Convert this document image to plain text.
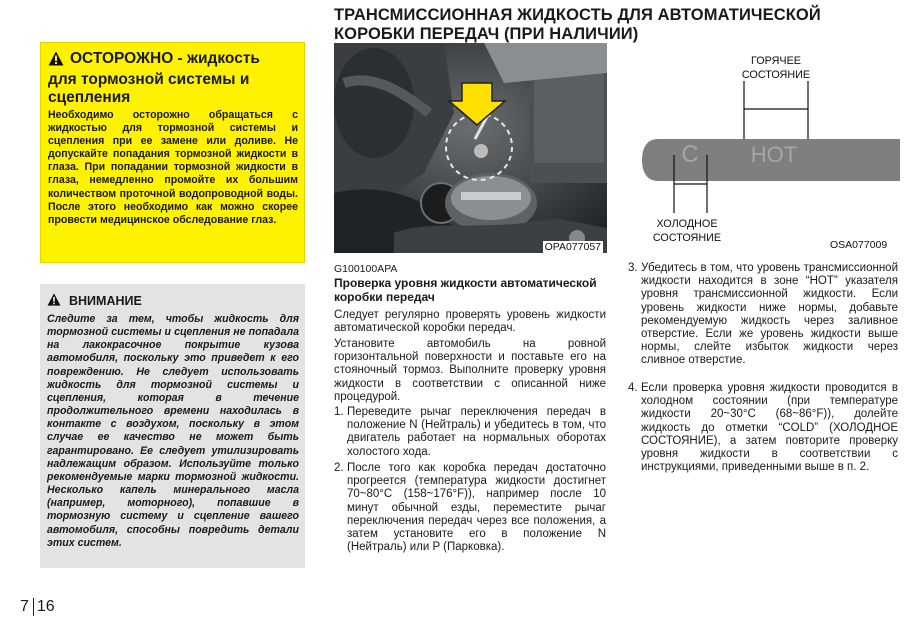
ТРАНСМИССИОННАЯ ЖИДКОСТЬ ДЛЯ АВТОМАТИЧЕСКОЙ КОРОБКИ ПЕРЕДАЧ (ПРИ НАЛИЧИИ)
ОСТОРОЖНО - жидкость
для тормозной системы и сцепления
Необходимо осторожно обращаться с жидкостью для тормозной системы и сцепления при ее замене или доливе. Не допускайте попадания тормозной жидкости в глаза. При попадании тормозной жидкости в глаза, немедленно промойте их большим количеством проточной водопроводной воды. После этого необходимо как можно скорее провести медицинское обследование глаз.
ВНИМАНИЕ
Следите за тем, чтобы жидкость для тормозной системы и сцепления не попадала на лакокрасочное покрытие кузова автомобиля, поскольку это приведет к его повреждению. Не следует использовать жидкость для тормозной системы и сцепления, которая в течение продолжительного времени находилась в контакте с воздухом, поскольку в этом случае ее качество не может быть гарантировано. Ее следует утилизировать надлежащим образом. Используйте только рекомендуемые марки тормозной жидкости. Несколько капель минерального масла (например, моторного), попавшие в тормозную систему и сцепление вашего автомобиля, способны повредить детали этих систем.
OPA077057
C HOT
ГОРЯЧЕЕ
СОСТОЯНИЕ
ХОЛОДНОЕ
СОСТОЯНИЕ
OSA077009
G100100APA
Проверка уровня жидкости автоматической коробки передач
Следует регулярно проверять уровень жидкости автоматической коробки передач.
Установите автомобиль на ровной горизонтальной поверхности и поставьте его на стояночный тормоз. Выполните проверку уровня жидкости в соответствии с описанной ниже процедурой.
1. Переведите рычаг переключения передач в положение N (Нейтраль) и убедитесь в том, что двигатель работает на нормальных оборотах холостого хода.
2. После того как коробка передач достаточно прогреется (температура жидкости достигнет 70~80°C (158~176°F)), например после 10 минут обычной езды, переместите рычаг переключения передач через все положения, а затем установите его в положение N (Нейтраль) или P (Парковка).
3. Убедитесь в том, что уровень трансмиссионной жидкости находится в зоне “HOT” указателя уровня трансмиссионной жидкости. Если уровень жидкости ниже нормы, добавьте рекомендуемую жидкость через заливное отверстие. Если же уровень жидкости выше нормы, слейте избыток жидкости через сливное отверстие.
4. Если проверка уровня жидкости проводится в холодном состоянии (при температуре жидкости 20~30°C (68~86°F)), долейте жидкость до отметки “COLD” (ХОЛОДНОЕ СОСТОЯНИЕ), а затем повторите проверку уровня жидкости в соответствии с инструкциями, приведенными выше в п. 2.
7 16
